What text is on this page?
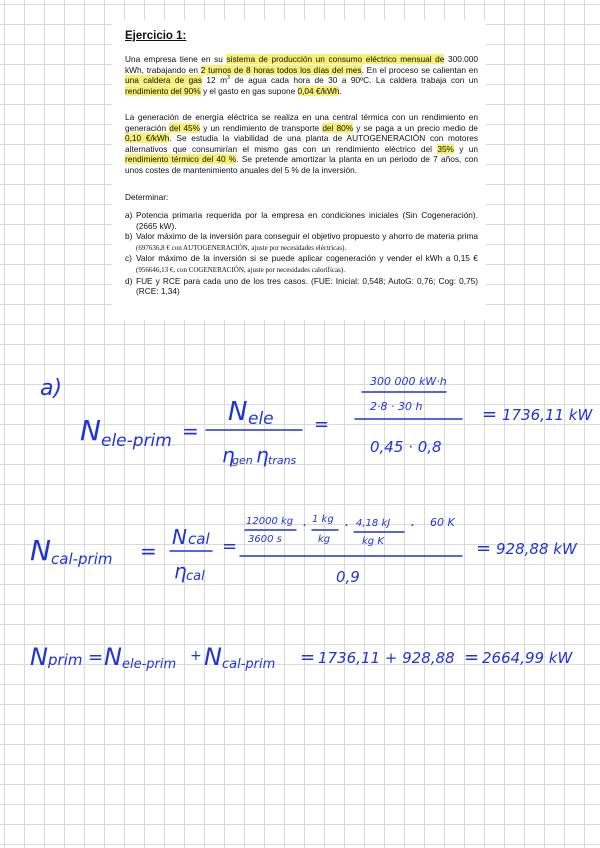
Ejercicio 1:

Una empresa tiene en su sistema de producción un consumo eléctrico mensual de 300.000 kWh, trabajando en 2 turnos de 8 horas todos los días del mes. En el proceso se calientan en una caldera de gas 12 $m^3$ de agua cada hora de 30 a 90ºC. La caldera trabaja con un rendimiento del 90% y el gasto en gas supone 0,04 €/kWh.

La generación de energía eléctrica se realiza en una central térmica con un rendimiento en generación del 45% y un rendimiento de transporte del 80% y se paga a un precio medio de 0,10 €/kWh. Se estudia la viabilidad de una planta de AUTOGENERACIÓN con motores alternativos que consumirían el mismo gas con un rendimiento eléctrico del 35% y un rendimiento térmico del 40 %. Se pretende amortizar la planta en un periodo de 7 años, con unos costes de mantenimiento anuales del 5 % de la inversión.

Determinar:

a) Potencia primaria requerida por la empresa en condiciones iniciales (Sin Cogeneración). (2665 kW).
b) Valor máximo de la inversión para conseguir el objetivo propuesto y ahorro de materia prima (697636,8 € con AUTOGENERACIÓN, ajuste por necesidades eléctricas).
c) Valor máximo de la inversión si se puede aplicar cogeneración y vender el kWh a 0,15 € (956646,13 €, con COGENERACIÓN, ajuste por necesidades caloríficas).
d) FUE y RCE para cada uno de los tres casos. (FUE: Inicial: 0,548; AutoG: 0,76; Cog: 0,75) (RCE: 1,34)
a)
N ele-prim =
N ele
η
gen η trans
=
300 000 kW·h
2·8 · 30 h
0,45 · 0,8
= 1736,11 kW
N cal-prim =
N cal
η cal
=
12000 kg
3600 s
· 1 kg
kg
· 4,18 kJ
kg K
· 60 K
0,9
= 928,88 kW
N prim = N ele-prim
+ N cal-prim = 1736,11 + 928,88 = 2664,99 kW
